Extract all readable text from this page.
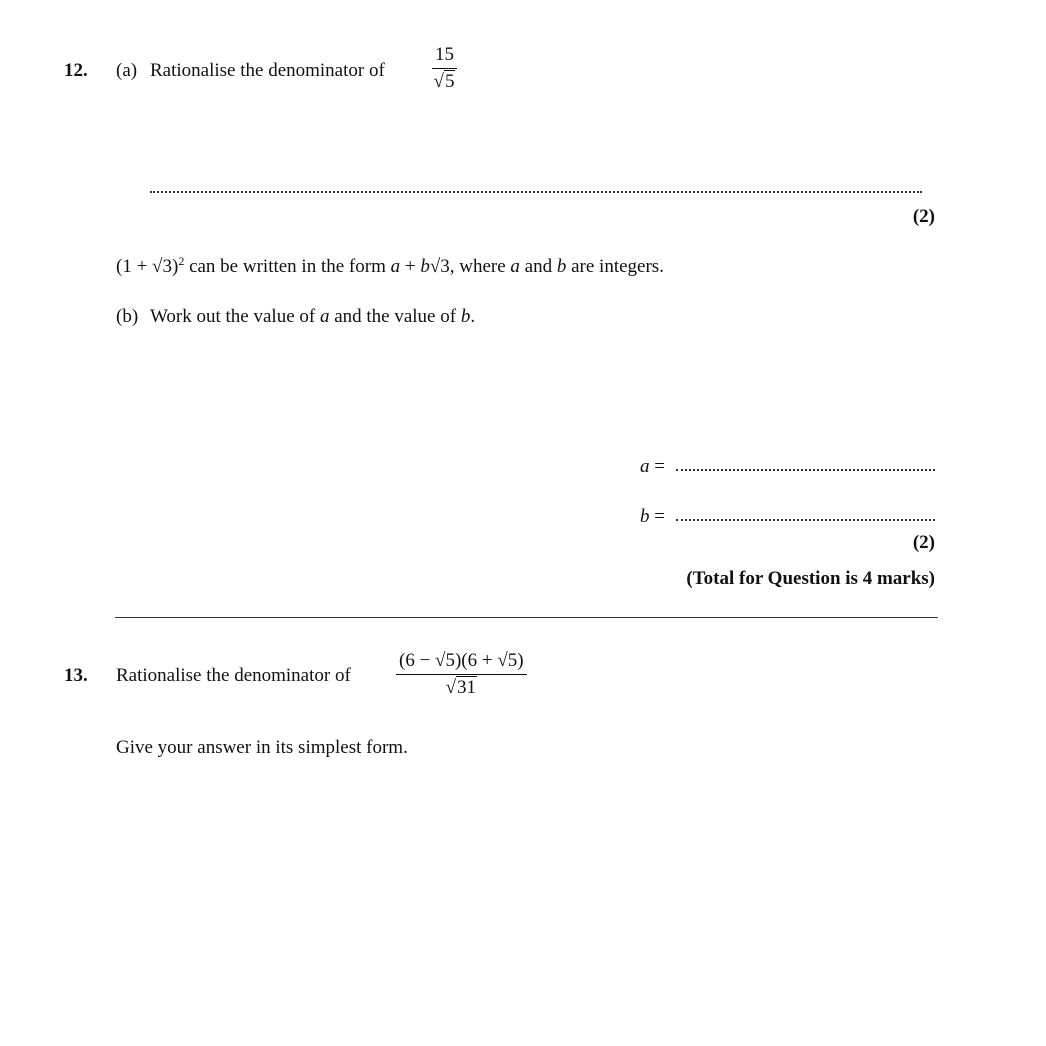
12. (a) Rationalise the denominator of
15
√5
(2)
$(1 + √3)^2$ can be written in the form a + b√3, where a and b are integers.
(b) Work out the value of a and the value of b.
a =
b =
(2)
(Total for Question is 4 marks)
13. Rationalise the denominator of
(6 − √5)(6 + √5)
√31
Give your answer in its simplest form.
